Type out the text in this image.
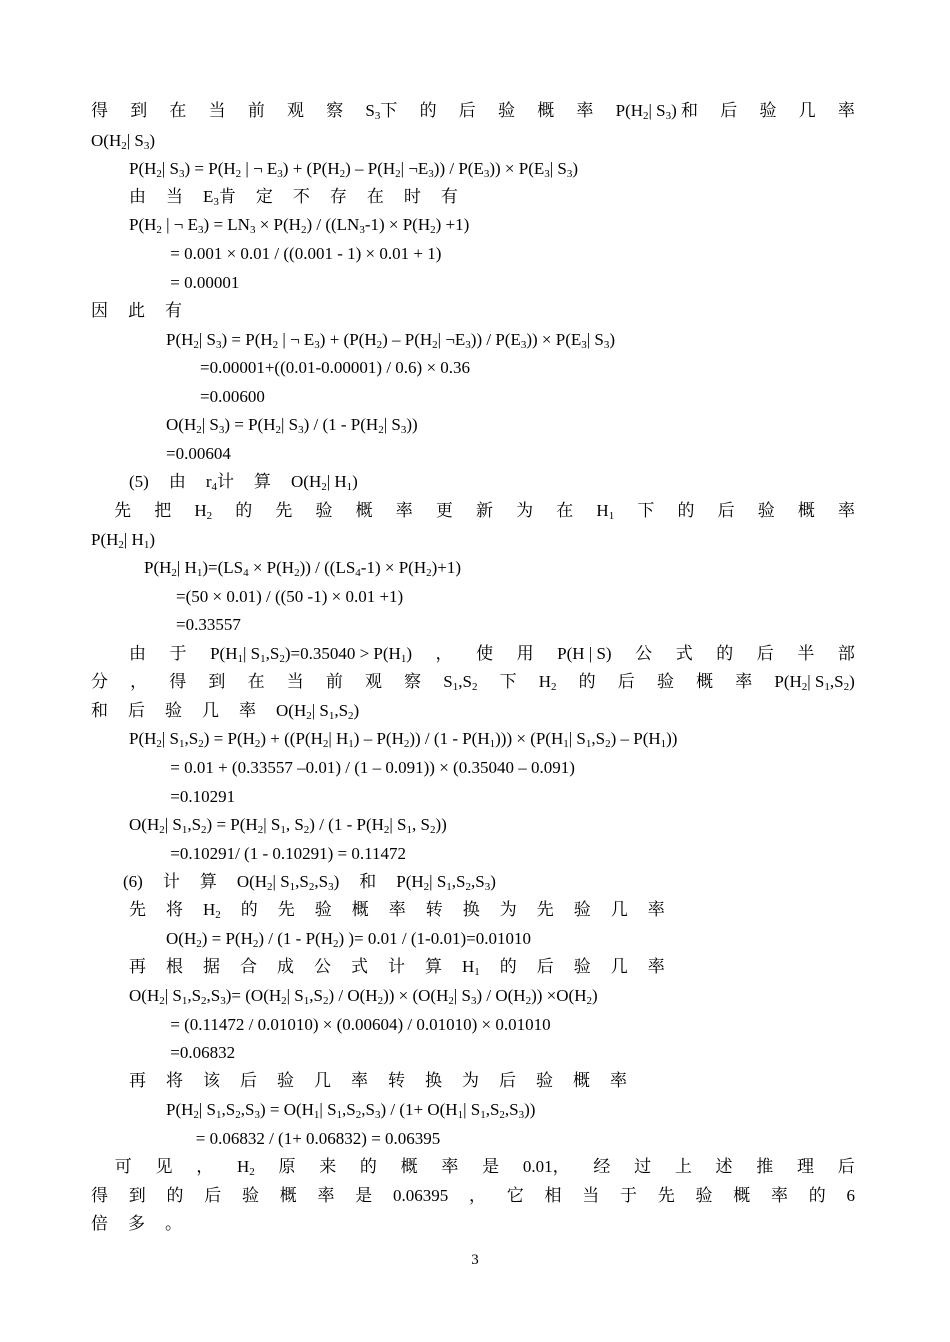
得 到 在 当 前 观 察 $S_3$下 的 后 验 概 率 $P(H_2|$ $S_3$) 和 后 验 几 率
$O(H_2|$ $S_3$)
$P(H_2|$ $S_3) = P(H_2$ | ¬ $E_3) + (P(H_2) - P(H_2|$ $\neg E_3)) / P(E_3)) \times P(E_3|$ $S_3$)
由 当 $E_3$肯 定 不 存 在 时 有
$P(H_2$ | ¬ $E_3) = LN_3 \times P(H_2) / ((LN_3-1) \times P(H_2) +1)$
= 0.001 × 0.01 / ((0.001 - 1) × 0.01 + 1)
= 0.00001
因 此 有
$P(H_2|$ $S_3) = P(H_2$ | ¬ $E_3) + (P(H_2) - P(H_2|$ $\neg E_3)) / P(E_3)) \times P(E_3|$ $S_3$)
=0.00001+((0.01-0.00001) / 0.6) × 0.36
=0.00600
$O(H_2|$ $S_3) = P(H_2|$ $S_3) / (1 - P(H_2|$ $S_3$))
=0.00604
(5) 由 $r_4$计 算 $O(H_2|$ $H_1$)
先 把 $H_2$ 的 先 验 概 率 更 新 为 在 $H_1$ 下 的 后 验 概 率
$P(H_2|$ $H_1$)
$P(H_2|$ $H_1)=(LS_4 \times P(H_2)) / ((LS_4-1) \times P(H_2)+1)$
=(50 × 0.01) / ((50 -1) × 0.01 +1)
=0.33557
由 于 $P(H_1|$ $S_1,S_2)=0.35040 > P(H_1)$ ， 使 用 P(H | S) 公 式 的 后 半 部
分 ， 得 到 在 当 前 观 察 $S_1,S_2$ 下 $H_2$ 的 后 验 概 率 $P(H_2|$ $S_1,S_2$)
和 后 验 几 率 $O(H_2|$ $S_1,S_2$)
$P(H_2|$ $S_1,S_2) = P(H_2) + ((P(H_2|$ $H_1) - P(H_2)) / (1 - P(H_1))) \times (P(H_1|$ $S_1,S_2) - P(H_1)$)
= 0.01 + (0.33557 –0.01) / (1 – 0.091)) × (0.35040 – 0.091)
=0.10291
$O(H_2|$ $S_1,S_2) = P(H_2|$ $S_1$, $S_2) / (1 - P(H_2|$ $S_1$, $S_2$))
=0.10291/ (1 - 0.10291) = 0.11472
(6) 计 算 $O(H_2|$ $S_1,S_2,S_3$) 和 $P(H_2|$ $S_1,S_2,S_3$)
先 将 $H_2$ 的 先 验 概 率 转 换 为 先 验 几 率
$O(H_2) = P(H_2) / (1 - P(H_2)$ )= 0.01 / (1-0.01)=0.01010
再 根 据 合 成 公 式 计 算 $H_1$ 的 后 验 几 率
$O(H_2|$ $S_1,S_2,S_3)= (O(H_2|$ $S_1,S_2) / O(H_2)) \times (O(H_2|$ $S_3) / O(H_2)) \times O(H_2)$
= (0.11472 / 0.01010) × (0.00604) / 0.01010) × 0.01010
=0.06832
再 将 该 后 验 几 率 转 换 为 后 验 概 率
$P(H_2|$ $S_1,S_2,S_3) = O(H_1|$ $S_1,S_2,S_3) / (1+ O(H_1|$ $S_1,S_2,S_3$))
= 0.06832 / (1+ 0.06832) = 0.06395
可 见 ， $H_2$ 原 来 的 概 率 是 0.01， 经 过 上 述 推 理 后
得 到 的 后 验 概 率 是 0.06395 ， 它 相 当 于 先 验 概 率 的 6
倍 多 。
3
